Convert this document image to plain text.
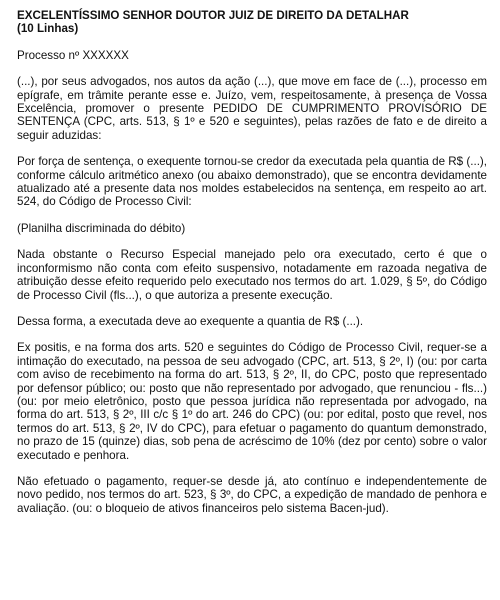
EXCELENTÍSSIMO SENHOR DOUTOR JUIZ DE DIREITO DA DETALHAR
(10 Linhas)
Processo nº XXXXXX
(...), por seus advogados, nos autos da ação (...), que move em face de (...), processo em epígrafe, em trâmite perante esse e. Juízo, vem, respeitosamente, à presença de Vossa Excelência, promover o presente PEDIDO DE CUMPRIMENTO PROVISÓRIO DE SENTENÇA (CPC, arts. 513, § 1º e 520 e seguintes), pelas razões de fato e de direito a seguir aduzidas:
Por força de sentença, o exequente tornou-se credor da executada pela quantia de R$ (...), conforme cálculo aritmético anexo (ou abaixo demonstrado), que se encontra devidamente atualizado até a presente data nos moldes estabelecidos na sentença, em respeito ao art. 524, do Código de Processo Civil:
(Planilha discriminada do débito)
Nada obstante o Recurso Especial manejado pelo ora executado, certo é que o inconformismo não conta com efeito suspensivo, notadamente em razoada negativa de atribuição desse efeito requerido pelo executado nos termos do art. 1.029, § 5º, do Código de Processo Civil (fls...), o que autoriza a presente execução.
Dessa forma, a executada deve ao exequente a quantia de R$ (...).
Ex positis, e na forma dos arts. 520 e seguintes do Código de Processo Civil, requer-se a intimação do executado, na pessoa de seu advogado (CPC, art. 513, § 2º, I) (ou: por carta com aviso de recebimento na forma do art. 513, § 2º, II, do CPC, posto que representado por defensor público; ou: posto que não representado por advogado, que renunciou - fls...) (ou: por meio eletrônico, posto que pessoa jurídica não representada por advogado, na forma do art. 513, § 2º, III c/c § 1º do art. 246 do CPC) (ou: por edital, posto que revel, nos termos do art. 513, § 2º, IV do CPC), para efetuar o pagamento do quantum demonstrado, no prazo de 15 (quinze) dias, sob pena de acréscimo de 10% (dez por cento) sobre o valor executado e penhora.
Não efetuado o pagamento, requer-se desde já, ato contínuo e independentemente de novo pedido, nos termos do art. 523, § 3º, do CPC, a expedição de mandado de penhora e avaliação. (ou: o bloqueio de ativos financeiros pelo sistema Bacen-jud).
